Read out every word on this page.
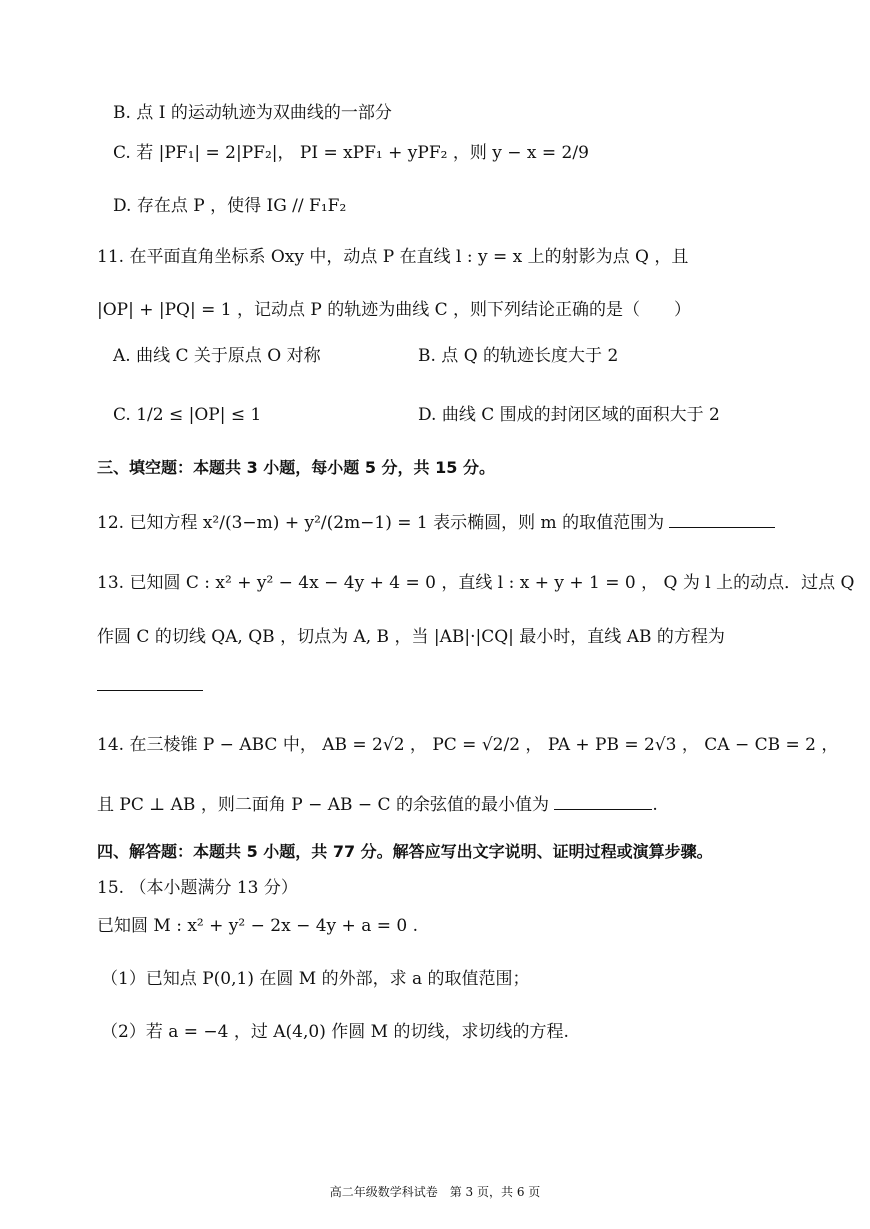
B. 点 I 的运动轨迹为双曲线的一部分
C. 若 |PF₁| = 2|PF₂|， PI = xPF₁ + yPF₂ ，则 y − x = 2/9
D. 存在点 P ，使得 IG // F₁F₂
11. 在平面直角坐标系 Oxy 中，动点 P 在直线 l : y = x 上的射影为点 Q ，且
|OP| + |PQ| = 1 ，记动点 P 的轨迹为曲线 C ，则下列结论正确的是（　　）
A. 曲线 C 关于原点 O 对称	B. 点 Q 的轨迹长度大于 2
C. 1/2 ≤ |OP| ≤ 1	D. 曲线 C 围成的封闭区域的面积大于 2
三、填空题：本题共 3 小题，每小题 5 分，共 15 分。
12. 已知方程 x²/(3−m) + y²/(2m−1) = 1 表示椭圆，则 m 的取值范围为
13. 已知圆 C : x² + y² − 4x − 4y + 4 = 0 ，直线 l : x + y + 1 = 0 ， Q 为 l 上的动点．过点 Q
作圆 C 的切线 QA, QB ，切点为 A, B ，当 |AB|·|CQ| 最小时，直线 AB 的方程为
14. 在三棱锥 P − ABC 中， AB = 2√2 ， PC = √2/2 ， PA + PB = 2√3 ， CA − CB = 2 ，
且 PC ⊥ AB ，则二面角 P − AB − C 的余弦值的最小值为	.
四、解答题：本题共 5 小题，共 77 分。解答应写出文字说明、证明过程或演算步骤。
15. （本小题满分 13 分）
已知圆 M : x² + y² − 2x − 4y + a = 0 .
（1）已知点 P(0,1) 在圆 M 的外部，求 a 的取值范围；
（2）若 a = −4 ，过 A(4,0) 作圆 M 的切线，求切线的方程.
高二年级数学科试卷　第 3 页，共 6 页
